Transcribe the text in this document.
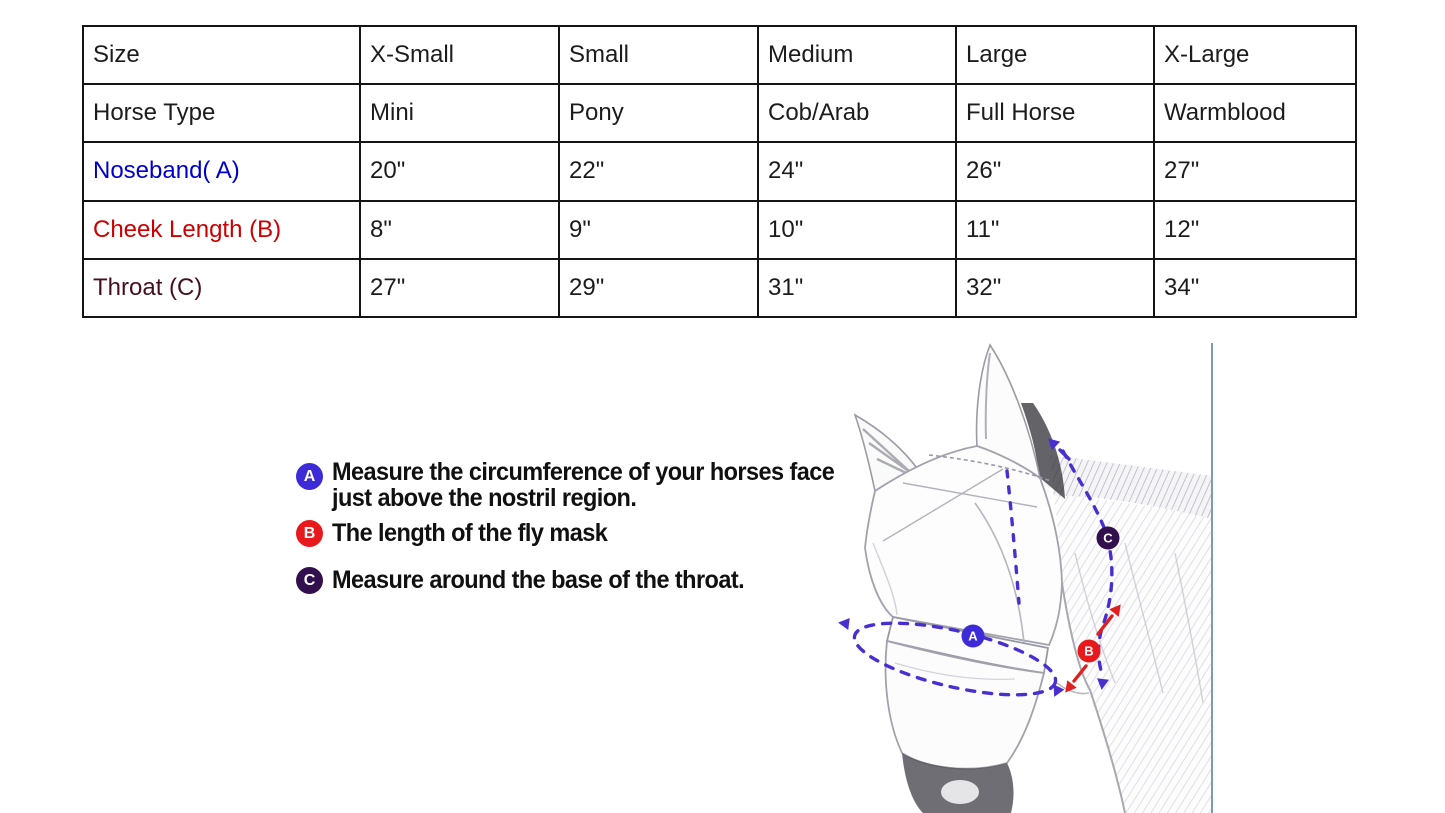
Size	X-Small	Small	Medium	Large	X-Large
Horse Type	Mini	Pony	Cob/Arab	Full Horse	Warmblood
Noseband( A)	20"	22"	24"	26"	27"
Cheek Length (B)	8"	9"	10"	11"	12"
Throat (C)	27"	29"	31"	32"	34"
A Measure the circumference of your horses face
just above the nostril region.
B The length of the fly mask
C Measure around the base of the throat.
A
B
C
